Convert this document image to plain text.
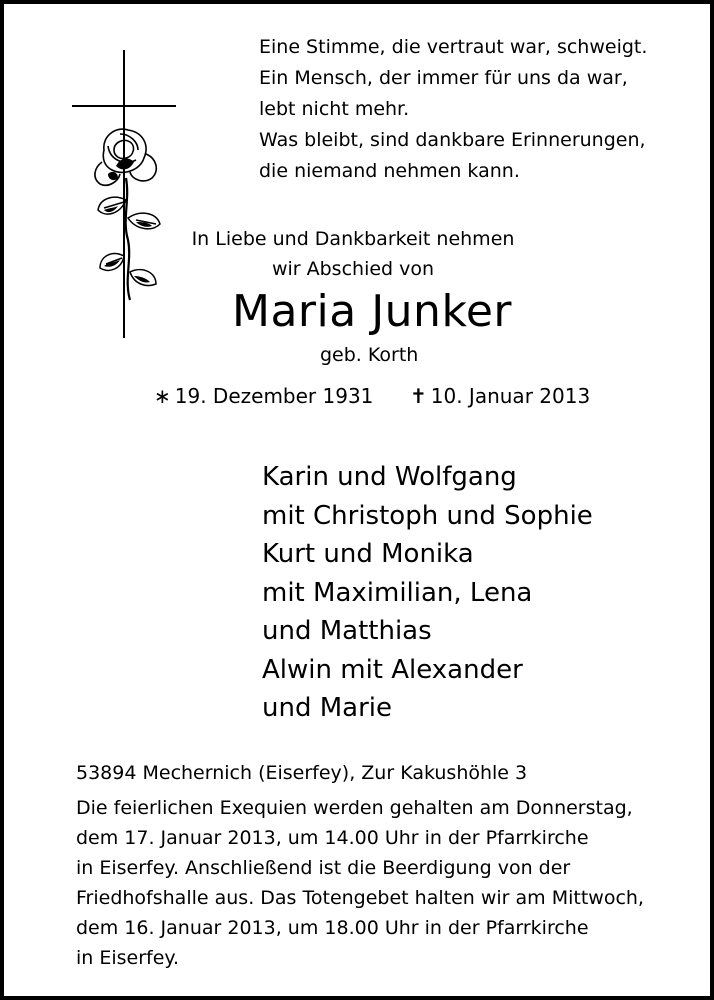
Eine Stimme, die vertraut war, schweigt.
Ein Mensch, der immer für uns da war,
lebt nicht mehr.
Was bleibt, sind dankbare Erinnerungen,
die niemand nehmen kann.
In Liebe und Dankbarkeit nehmen
wir Abschied von
Maria Junker
geb. Korth
∗ 19. Dezember 1931 ✝ 10. Januar 2013
Karin und Wolfgang
mit Christoph und Sophie
Kurt und Monika
mit Maximilian, Lena
und Matthias
Alwin mit Alexander
und Marie
53894 Mechernich (Eiserfey), Zur Kakushöhle 3
Die feierlichen Exequien werden gehalten am Donnerstag,
dem 17. Januar 2013, um 14.00 Uhr in der Pfarrkirche
in Eiserfey. Anschließend ist die Beerdigung von der
Friedhofshalle aus. Das Totengebet halten wir am Mittwoch,
dem 16. Januar 2013, um 18.00 Uhr in der Pfarrkirche
in Eiserfey.
